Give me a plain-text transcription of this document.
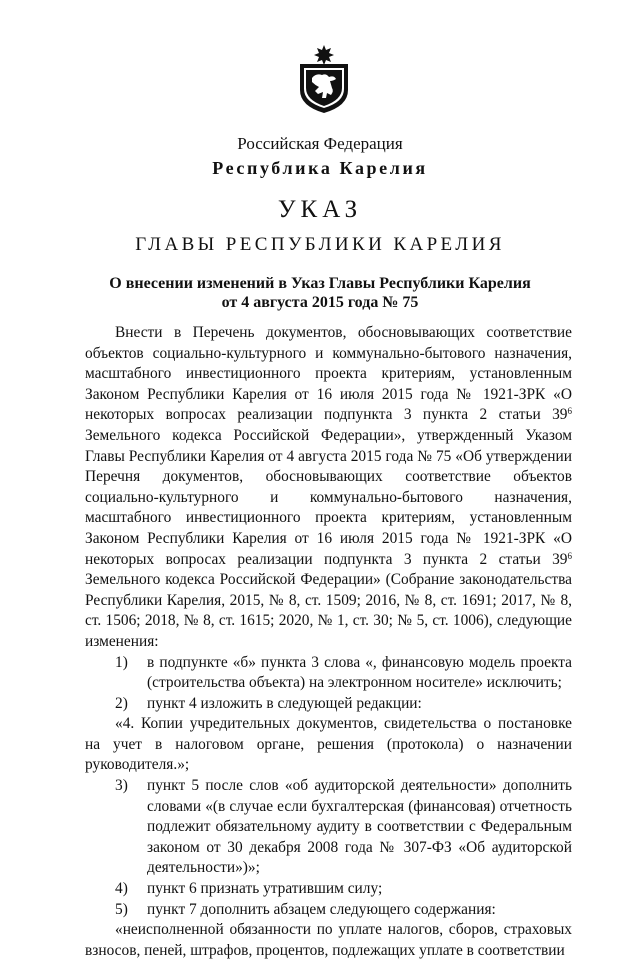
Российская Федерация
Республика Карелия
УКАЗ
ГЛАВЫ РЕСПУБЛИКИ КАРЕЛИЯ
О внесении изменений в Указ Главы Республики Карелия
от 4 августа 2015 года № 75

Внести в Перечень документов, обосновывающих соответствие объектов социально-культурного и коммунально-бытового назначения, масштабного инвестиционного проекта критериям, установленным Законом Республики Карелия от 16 июля 2015 года № 1921-ЗРК «О некоторых вопросах реализации подпункта 3 пункта 2 статьи $39^6$ Земельного кодекса Российской Федерации», утвержденный Указом Главы Республики Карелия от 4 августа 2015 года № 75 «Об утверждении Перечня документов, обосновывающих соответствие объектов социально-культурного и коммунально-бытового назначения, масштабного инвестиционного проекта критериям, установленным Законом Республики Карелия от 16 июля 2015 года № 1921-ЗРК «О некоторых вопросах реализации подпункта 3 пункта 2 статьи $39^6$ Земельного кодекса Российской Федерации» (Собрание законодательства Республики Карелия, 2015, № 8, ст. 1509; 2016, № 8, ст. 1691; 2017, № 8, ст. 1506; 2018, № 8, ст. 1615; 2020, № 1, ст. 30; № 5, ст. 1006), следующие изменения:

1)	в подпункте «б» пункта 3 слова «, финансовую модель проекта (строительства объекта) на электронном носителе» исключить;
2)	пункт 4 изложить в следующей редакции:

«4. Копии учредительных документов, свидетельства о постановке на учет в налоговом органе, решения (протокола) о назначении руководителя.»;

3)	пункт 5 после слов «об аудиторской деятельности» дополнить словами «(в случае если бухгалтерская (финансовая) отчетность подлежит обязательному аудиту в соответствии с Федеральным законом от 30 декабря 2008 года № 307-ФЗ «Об аудиторской деятельности»)»;
4)	пункт 6 признать утратившим силу;
5)	пункт 7 дополнить абзацем следующего содержания:

«неисполненной обязанности по уплате налогов, сборов, страховых взносов, пеней, штрафов, процентов, подлежащих уплате в соответствии
